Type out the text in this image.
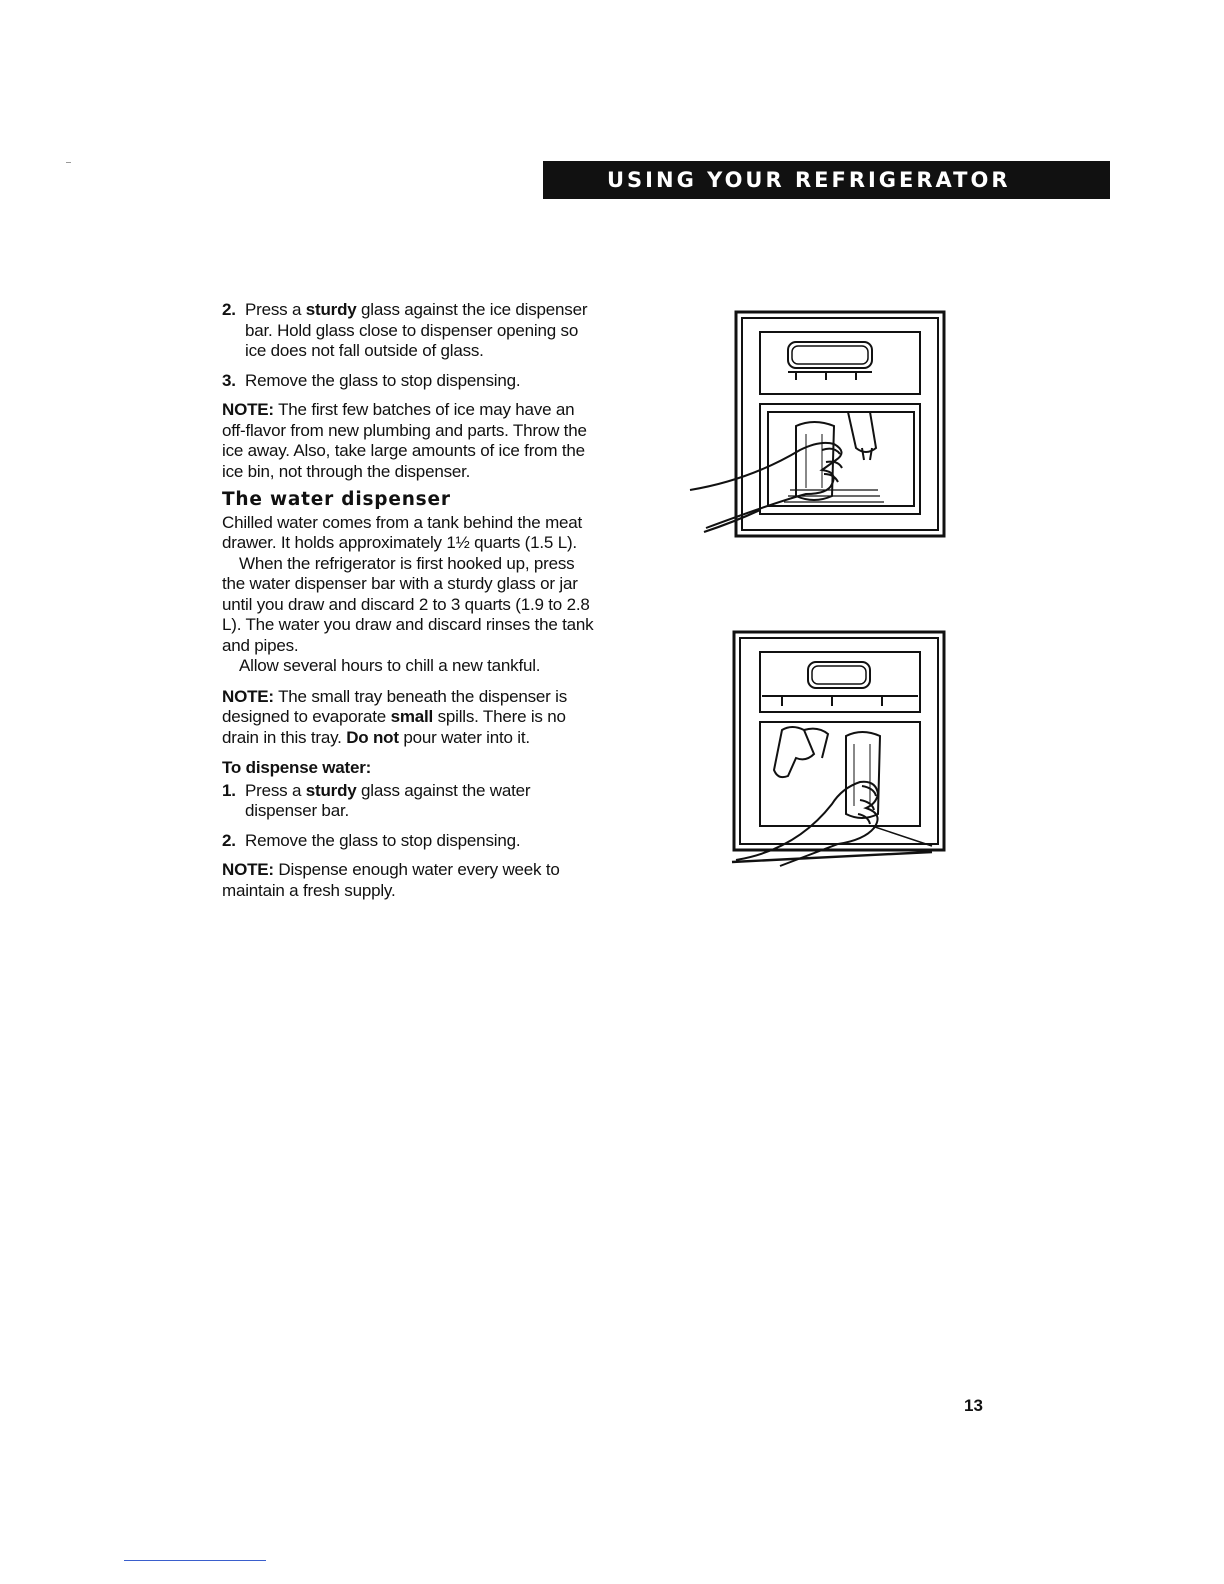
USING YOUR REFRIGERATOR
2. Press a sturdy glass against the ice dispenser bar. Hold glass close to dispenser opening so ice does not fall outside of glass.
3. Remove the glass to stop dispensing.

NOTE: The first few batches of ice may have an off-flavor from new plumbing and parts. Throw the ice away. Also, take large amounts of ice from the ice bin, not through the dispenser.

The water dispenser

Chilled water comes from a tank behind the meat drawer. It holds approximately 1½ quarts (1.5 L).

When the refrigerator is first hooked up, press the water dispenser bar with a sturdy glass or jar until you draw and discard 2 to 3 quarts (1.9 to 2.8 L). The water you draw and discard rinses the tank and pipes.

Allow several hours to chill a new tankful.

NOTE: The small tray beneath the dispenser is designed to evaporate small spills. There is no drain in this tray. Do not pour water into it.

To dispense water:
1. Press a sturdy glass against the water dispenser bar.
2. Remove the glass to stop dispensing.

NOTE: Dispense enough water every week to maintain a fresh supply.

13
